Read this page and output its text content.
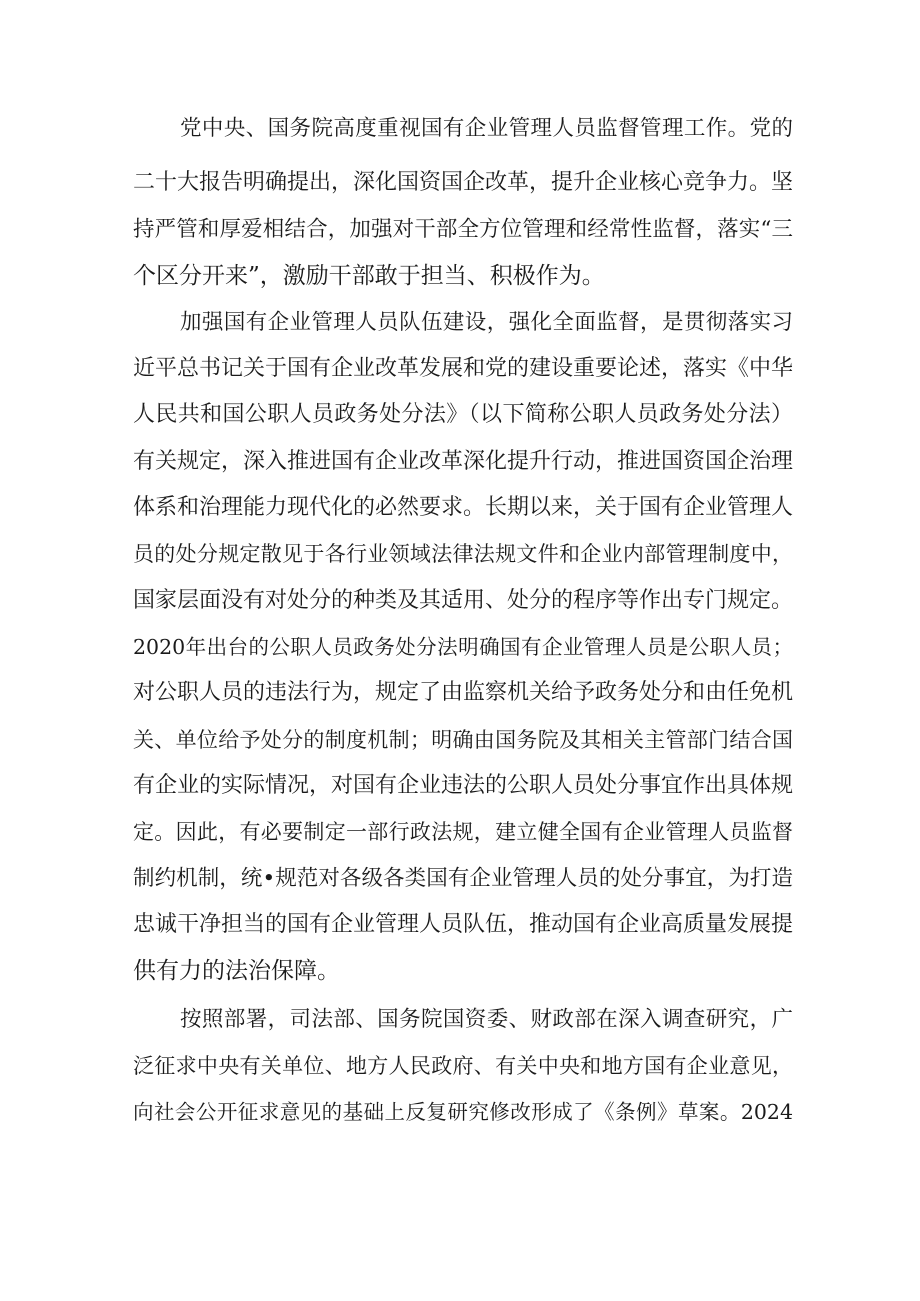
党中央、国务院高度重视国有企业管理人员监督管理工作。党的
二十大报告明确提出，深化国资国企改革，提升企业核心竞争力。坚
持严管和厚爱相结合，加强对干部全方位管理和经常性监督，落实“三
个区分开来”，激励干部敢于担当、积极作为。
加强国有企业管理人员队伍建设，强化全面监督，是贯彻落实习
近平总书记关于国有企业改革发展和党的建设重要论述，落实《中华
人民共和国公职人员政务处分法》（以下简称公职人员政务处分法）
有关规定，深入推进国有企业改革深化提升行动，推进国资国企治理
体系和治理能力现代化的必然要求。长期以来，关于国有企业管理人
员的处分规定散见于各行业领域法律法规文件和企业内部管理制度中，
国家层面没有对处分的种类及其适用、处分的程序等作出专门规定。
2020年出台的公职人员政务处分法明确国有企业管理人员是公职人员；
对公职人员的违法行为，规定了由监察机关给予政务处分和由任免机
关、单位给予处分的制度机制；明确由国务院及其相关主管部门结合国
有企业的实际情况，对国有企业违法的公职人员处分事宜作出具体规
定。因此，有必要制定一部行政法规，建立健全国有企业管理人员监督
制约机制，统•规范对各级各类国有企业管理人员的处分事宜，为打造
忠诚干净担当的国有企业管理人员队伍，推动国有企业高质量发展提
供有力的法治保障。
按照部署，司法部、国务院国资委、财政部在深入调查研究，广
泛征求中央有关单位、地方人民政府、有关中央和地方国有企业意见，
向社会公开征求意见的基础上反复研究修改形成了《条例》草案。2024
